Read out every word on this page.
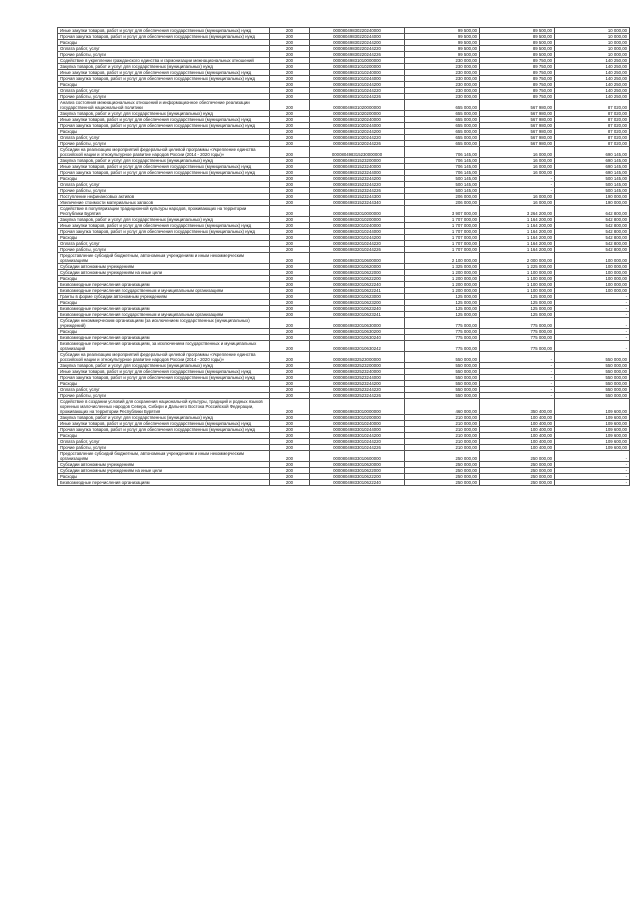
Иные закупки товаров, работ и услуг для обеспечения государственных (муниципальных) нужд	200	00008049830220240000	99 500,00	89 500,00	10 000,00
Прочая закупка товаров, работ и услуг для обеспечения государственных (муниципальных) нужд	200	00008049830220244000	99 500,00	89 500,00	10 000,00
Расходы	200	00008049830220244200	99 500,00	89 500,00	10 000,00
Оплата работ, услуг	200	00008049830220244220	99 500,00	89 500,00	10 000,00
Прочие работы, услуги	200	00008049830220244226	99 500,00	89 500,00	10 000,00
Содействие в укреплении гражданского единства и гармонизации межнациональных отношений	200	00008049831010000000	230 000,00	89 750,00	140 250,00
Закупка товаров, работ и услуг для государственных (муниципальных) нужд	200	00008049831010200000	230 000,00	89 750,00	140 250,00
Иные закупки товаров, работ и услуг для обеспечения государственных (муниципальных) нужд	200	00008049831010240000	230 000,00	89 750,00	140 250,00
Прочая закупка товаров, работ и услуг для обеспечения государственных (муниципальных) нужд	200	00008049831010244000	230 000,00	89 750,00	140 250,00
Расходы	200	00008049831010244200	230 000,00	89 750,00	140 250,00
Оплата работ, услуг	200	00008049831010244220	230 000,00	89 750,00	140 250,00
Прочие работы, услуги	200	00008049831010244226	230 000,00	89 750,00	140 250,00
Анализ состояния межнациональных отношений и информационное обеспечение реализации государственной национальной политики	200	00008049831020000000	655 000,00	567 980,00	87 020,00
Закупка товаров, работ и услуг для государственных (муниципальных) нужд	200	00008049831020200000	655 000,00	567 980,00	87 020,00
Иные закупки товаров, работ и услуг для обеспечения государственных (муниципальных) нужд	200	00008049831020240000	655 000,00	567 980,00	87 020,00
Прочая закупка товаров, работ и услуг для обеспечения государственных (муниципальных) нужд	200	00008049831020244000	655 000,00	567 980,00	87 020,00
Расходы	200	00008049831020244200	655 000,00	567 980,00	87 020,00
Оплата работ, услуг	200	00008049831020244220	655 000,00	567 980,00	87 020,00
Прочие работы, услуги	200	00008049831020244226	655 000,00	567 980,00	87 020,00
Субсидии на реализацию мероприятий федеральной целевой программы «Укрепление единства российской нации и этнокультурное развитие народов России (2014 - 2020 годы)»	200	000080498315230000000	706 145,00	16 000,00	690 145,00
Закупка товаров, работ и услуг для государственных (муниципальных) нужд	200	00008049831523200000	706 145,00	16 000,00	690 145,00
Иные закупки товаров, работ и услуг для обеспечения государственных (муниципальных) нужд	200	00008049831523240000	706 145,00	16 000,00	690 145,00
Прочая закупка товаров, работ и услуг для обеспечения государственных (муниципальных) нужд	200	00008049831523244000	706 145,00	16 000,00	690 145,00
Расходы	200	00008049831523244200	500 145,00	-	500 145,00
Оплата работ, услуг	200	00008049831523244220	500 145,00	-	500 145,00
Прочие работы, услуги	200	00008049831523244226	500 145,00	-	500 145,00
Поступление нефинансовых активов	200	00008049831523244300	206 000,00	16 000,00	190 000,00
Увеличение стоимости материальных запасов	200	00008049831523244340	206 000,00	16 000,00	190 000,00
Содействие в популяризации традиционной культуры народов, проживающих на территории Республики Бурятия	200	00008049832010000000	3 907 000,00	3 264 200,00	642 800,00
Закупка товаров, работ и услуг для государственных (муниципальных) нужд	200	00008049832010200000	1 707 000,00	1 164 200,00	542 800,00
Иные закупки товаров, работ и услуг для обеспечения государственных (муниципальных) нужд	200	00008049832010240000	1 707 000,00	1 164 200,00	542 800,00
Прочая закупка товаров, работ и услуг для обеспечения государственных (муниципальных) нужд	200	00008049832010244000	1 707 000,00	1 164 200,00	542 800,00
Расходы	200	00008049832010244200	1 707 000,00	1 164 200,00	542 800,00
Оплата работ, услуг	200	00008049832010244220	1 707 000,00	1 164 200,00	542 800,00
Прочие работы, услуги	200	00008049832010244226	1 707 000,00	1 164 200,00	542 800,00
Предоставление субсидий бюджетным, автономным учреждениям и иным некоммерческим организациям	200	00008049832010600000	2 100 000,00	2 000 000,00	100 000,00
Субсидии автономным учреждениям	200	00008049832010620000	1 325 000,00	1 225 000,00	100 000,00
Субсидии автономным учреждениям на иные цели	200	00008049832010622000	1 200 000,00	1 100 000,00	100 000,00
Расходы	200	00008049832010622200	1 200 000,00	1 100 000,00	100 000,00
Безвозмездные перечисления организациям	200	00008049832010622240	1 200 000,00	1 100 000,00	100 000,00
Безвозмездные перечисления государственным и муниципальным организациям	200	00008049832010622241	1 200 000,00	1 100 000,00	100 000,00
Гранты в форме субсидии автономным учреждениям	200	00008049832010623000	125 000,00	125 000,00	-
Расходы	200	00008049832010623200	125 000,00	125 000,00	-
Безвозмездные перечисления организациям	200	00008049832010623240	125 000,00	125 000,00	-
Безвозмездные перечисления государственным и муниципальным организациям	200	00008049832010623241	125 000,00	125 000,00	-
Субсидии некоммерческим организациям (за исключением государственных (муниципальных) учреждений)	200	00008049832010630000	775 000,00	775 000,00	-
Расходы	200	00008049832010630200	775 000,00	775 000,00	-
Безвозмездные перечисления организациям	200	00008049832010630240	775 000,00	775 000,00	-
Безвозмездные перечисления организациям, за исключением государственных и муниципальных организаций	200	00008049832010630242	775 000,00	775 000,00	-
Субсидии на реализацию мероприятий федеральной целевой программы «Укрепление единства российской нации и этнокультурное развитие народов России (2014 - 2020 годы)»	200	00008049832523000000	550 000,00	-	550 000,00
Закупка товаров, работ и услуг для государственных (муниципальных) нужд	200	00008049832523200000	550 000,00	-	550 000,00
Иные закупки товаров, работ и услуг для обеспечения государственных (муниципальных) нужд	200	00008049832523240000	550 000,00	-	550 000,00
Прочая закупка товаров, работ и услуг для обеспечения государственных (муниципальных) нужд	200	00008049832523244000	550 000,00	-	550 000,00
Расходы	200	00008049832523244200	550 000,00	-	550 000,00
Оплата работ, услуг	200	00008049832523244220	550 000,00	-	550 000,00
Прочие работы, услуги	200	00008049832523244226	550 000,00	-	550 000,00
Содействие в создании условий для сохранения национальной культуры, традиций и родных языков коренных малочисленных народов Севера, Сибири и Дальнего Востока Российской Федерации, проживающих на территории Республики Бурятия	200	00008049833010000000	460 000,00	350 400,00	109 600,00
Закупка товаров, работ и услуг для государственных (муниципальных) нужд	200	00008049833010200000	210 000,00	100 400,00	109 600,00
Иные закупки товаров, работ и услуг для обеспечения государственных (муниципальных) нужд	200	00008049833010240000	210 000,00	100 400,00	109 600,00
Прочая закупка товаров, работ и услуг для обеспечения государственных (муниципальных) нужд	200	00008049833010244000	210 000,00	100 400,00	109 600,00
Расходы	200	00008049833010244200	210 000,00	100 400,00	109 600,00
Оплата работ, услуг	200	00008049833010244220	210 000,00	100 400,00	109 600,00
Прочие работы, услуги	200	00008049833010244226	210 000,00	100 400,00	109 600,00
Предоставление субсидий бюджетным, автономным учреждениям и иным некоммерческим организациям	200	00008049833010600000	250 000,00	250 000,00	-
Субсидии автономным учреждениям	200	00008049833010620000	250 000,00	250 000,00	-
Субсидии автономным учреждениям на иные цели	200	00008049833010622000	250 000,00	250 000,00	-
Расходы	200	00008049833010622200	250 000,00	250 000,00	-
Безвозмездные перечисления организациям	200	00008049833010622240	250 000,00	250 000,00	-
